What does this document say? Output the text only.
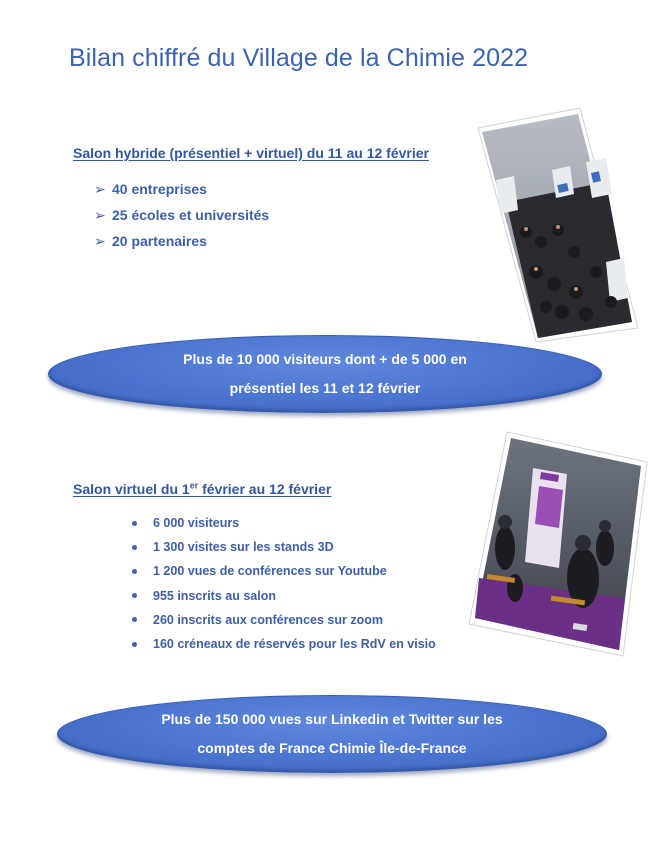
Bilan chiffré du Village de la Chimie 2022
Salon hybride (présentiel + virtuel) du 11 au 12 février
➢ 40 entreprises
➢ 25 écoles et universités
➢ 20 partenaires
Plus de 10 000 visiteurs dont + de 5 000 en
présentiel les 11 et 12 février
Salon virtuel du 1er février au 12 février
6 000 visiteurs
1 300 visites sur les stands 3D
1 200 vues de conférences sur Youtube
955 inscrits au salon
260 inscrits aux conférences sur zoom
160 créneaux de réservés pour les RdV en visio
Plus de 150 000 vues sur Linkedin et Twitter sur les
comptes de France Chimie Île-de-France
